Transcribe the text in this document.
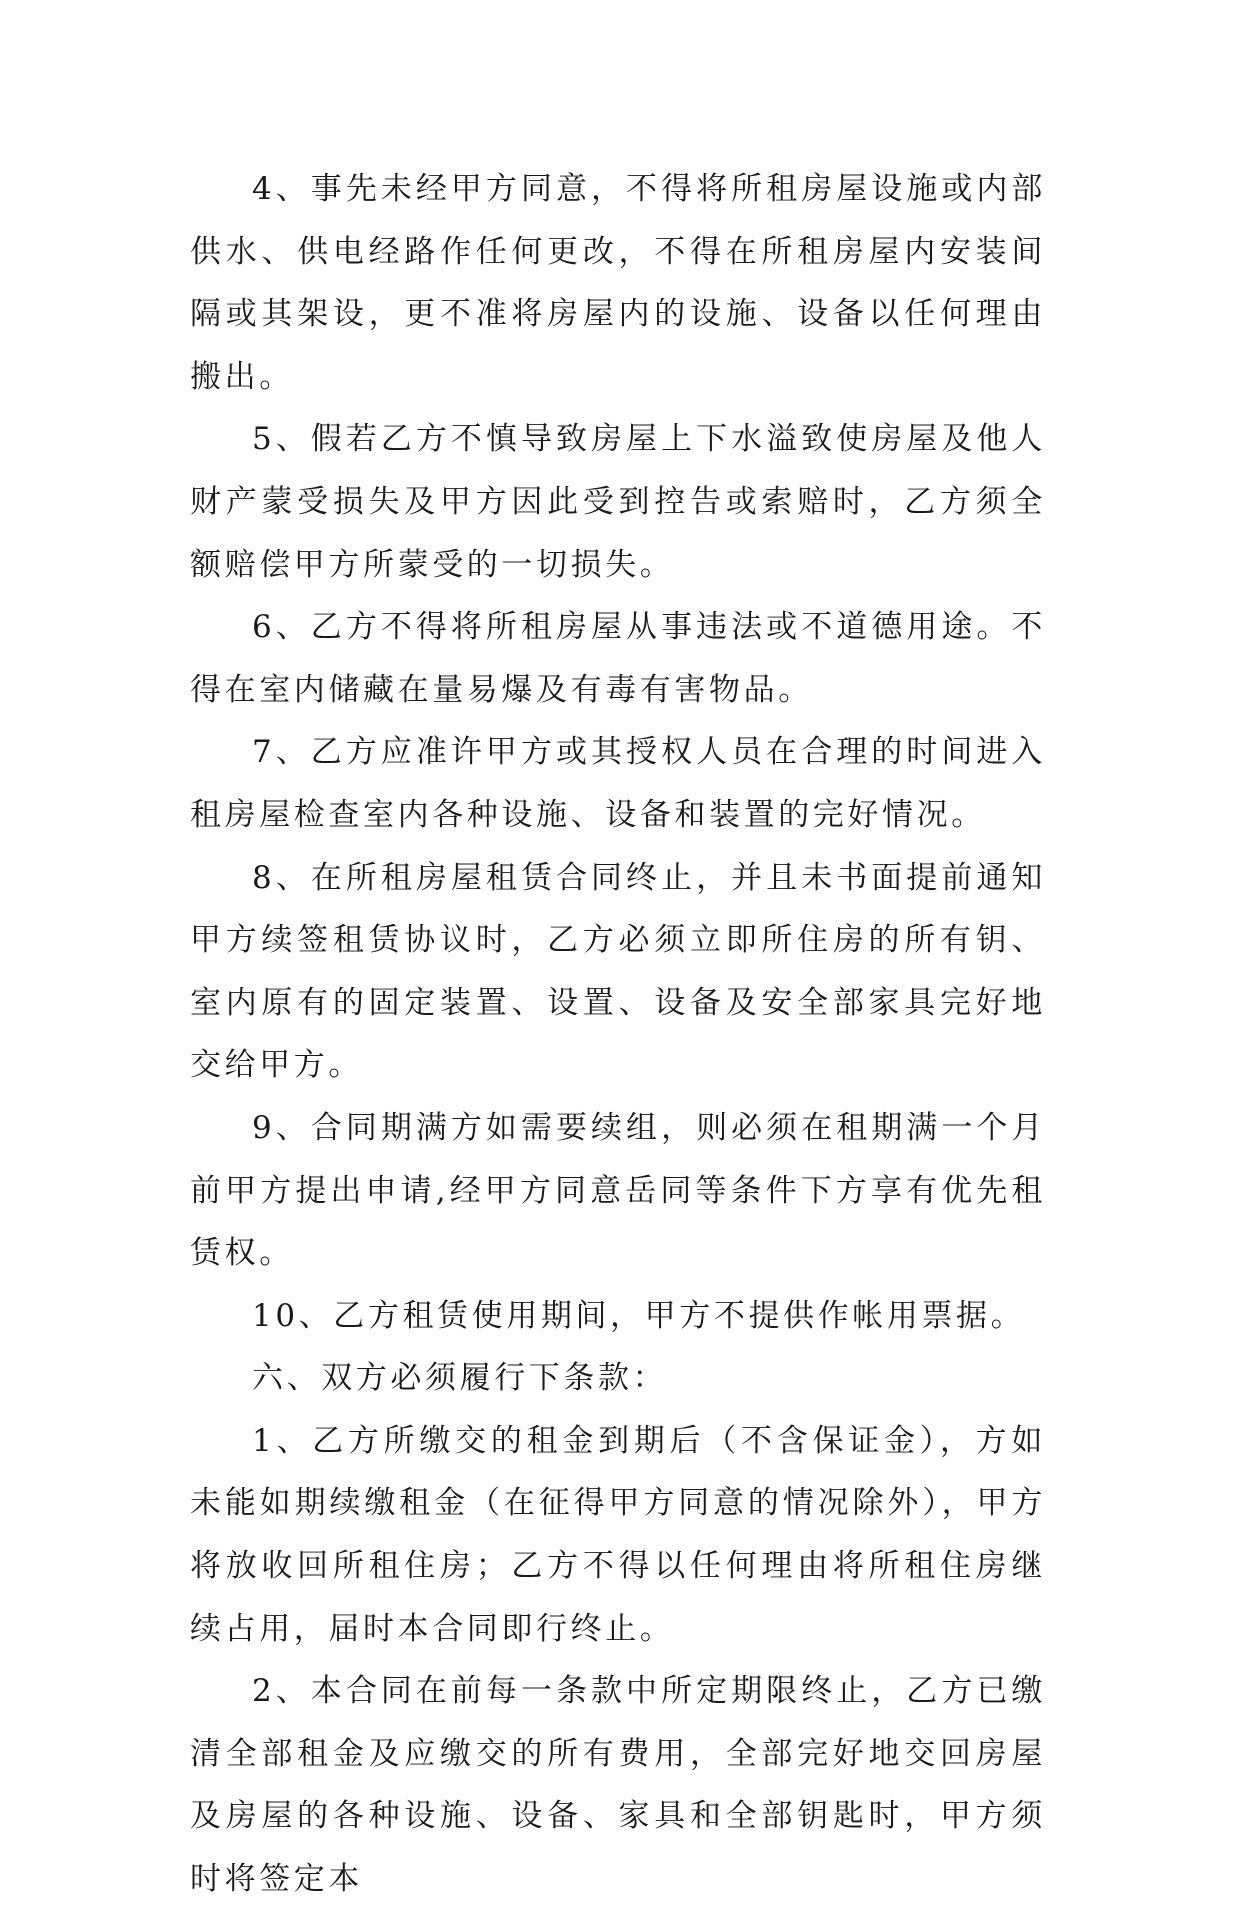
4、事先未经甲方同意，不得将所租房屋设施或内部供水、供电经路作任何更改，不得在所租房屋内安装间隔或其架设，更不准将房屋内的设施、设备以任何理由搬出。

5、假若乙方不慎导致房屋上下水溢致使房屋及他人财产蒙受损失及甲方因此受到控告或索赔时，乙方须全额赔偿甲方所蒙受的一切损失。

6、乙方不得将所租房屋从事违法或不道德用途。不得在室内储藏在量易爆及有毒有害物品。

7、乙方应准许甲方或其授权人员在合理的时间进入租房屋检查室内各种设施、设备和装置的完好情况。

8、在所租房屋租赁合同终止，并且未书面提前通知甲方续签租赁协议时，乙方必须立即所住房的所有钥、室内原有的固定装置、设置、设备及安全部家具完好地交给甲方。

9、合同期满方如需要续组，则必须在租期满一个月前甲方提出申请,经甲方同意岳同等条件下方享有优先租赁权。

10、乙方租赁使用期间，甲方不提供作帐用票据。

六、双方必须履行下条款：

1、乙方所缴交的租金到期后（不含保证金），方如未能如期续缴租金（在征得甲方同意的情况除外），甲方将放收回所租住房；乙方不得以任何理由将所租住房继续占用，届时本合同即行终止。

2、本合同在前每一条款中所定期限终止，乙方已缴清全部租金及应缴交的所有费用，全部完好地交回房屋及房屋的各种设施、设备、家具和全部钥匙时，甲方须时将签定本
